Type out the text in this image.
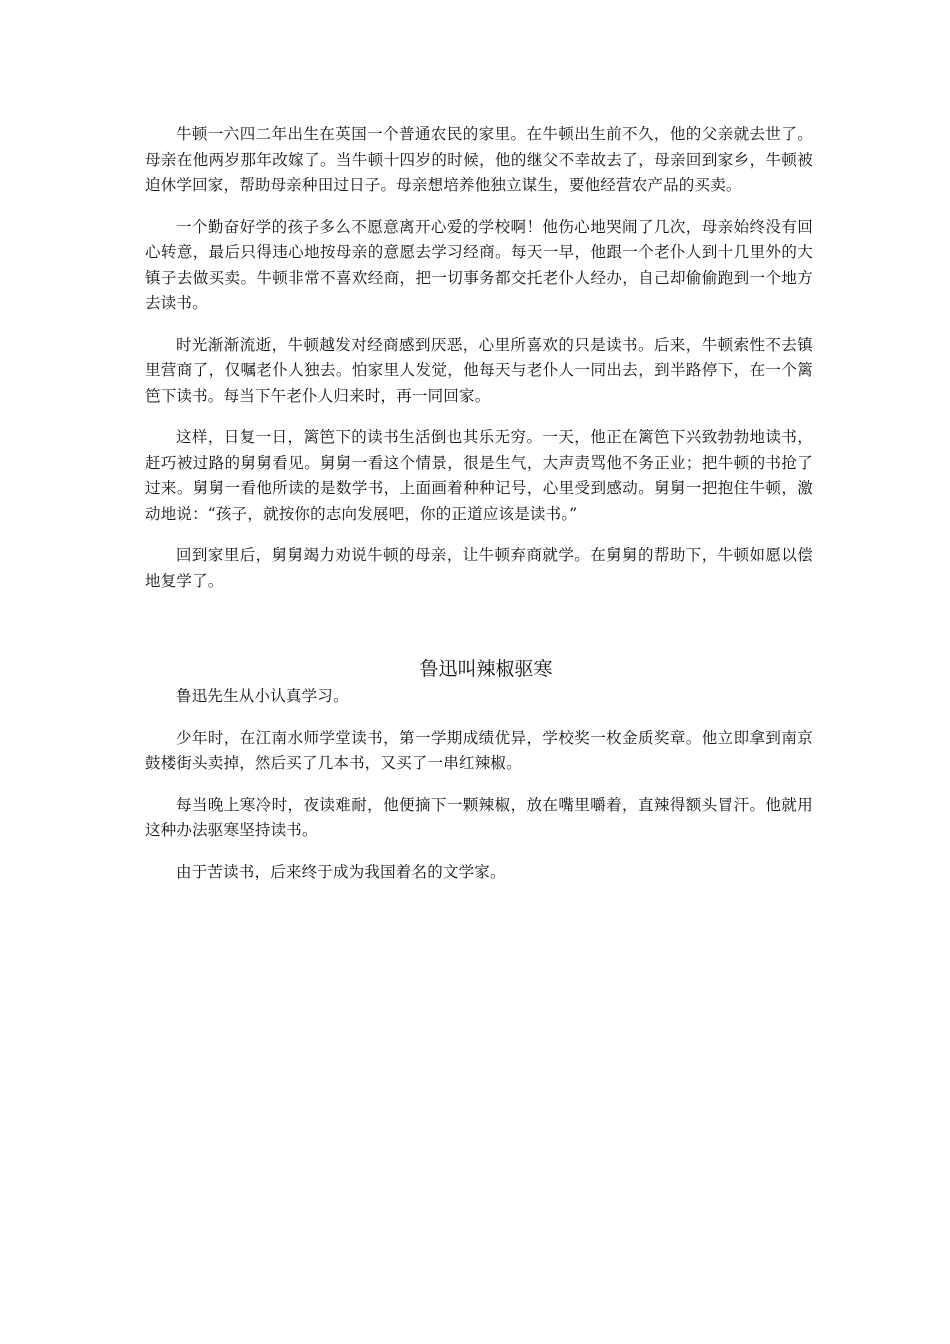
牛顿一六四二年出生在英国一个普通农民的家里。在牛顿出生前不久，他的父亲就去世了。母亲在他两岁那年改嫁了。当牛顿十四岁的时候，他的继父不幸故去了，母亲回到家乡，牛顿被迫休学回家，帮助母亲种田过日子。母亲想培养他独立谋生，要他经营农产品的买卖。

一个勤奋好学的孩子多么不愿意离开心爱的学校啊！他伤心地哭闹了几次，母亲始终没有回心转意，最后只得违心地按母亲的意愿去学习经商。每天一早，他跟一个老仆人到十几里外的大镇子去做买卖。牛顿非常不喜欢经商，把一切事务都交托老仆人经办，自己却偷偷跑到一个地方去读书。

时光渐渐流逝，牛顿越发对经商感到厌恶，心里所喜欢的只是读书。后来，牛顿索性不去镇里营商了，仅嘱老仆人独去。怕家里人发觉，他每天与老仆人一同出去，到半路停下，在一个篱笆下读书。每当下午老仆人归来时，再一同回家。

这样，日复一日，篱笆下的读书生活倒也其乐无穷。一天，他正在篱笆下兴致勃勃地读书，赶巧被过路的舅舅看见。舅舅一看这个情景，很是生气，大声责骂他不务正业；把牛顿的书抢了过来。舅舅一看他所读的是数学书，上面画着种种记号，心里受到感动。舅舅一把抱住牛顿，激动地说：“孩子，就按你的志向发展吧，你的正道应该是读书。”

回到家里后，舅舅竭力劝说牛顿的母亲，让牛顿弃商就学。在舅舅的帮助下，牛顿如愿以偿地复学了。

鲁迅叫辣椒驱寒

鲁迅先生从小认真学习。

少年时，在江南水师学堂读书，第一学期成绩优异，学校奖一枚金质奖章。他立即拿到南京鼓楼街头卖掉，然后买了几本书，又买了一串红辣椒。

每当晚上寒冷时，夜读难耐，他便摘下一颗辣椒，放在嘴里嚼着，直辣得额头冒汗。他就用这种办法驱寒坚持读书。

由于苦读书，后来终于成为我国着名的文学家。
